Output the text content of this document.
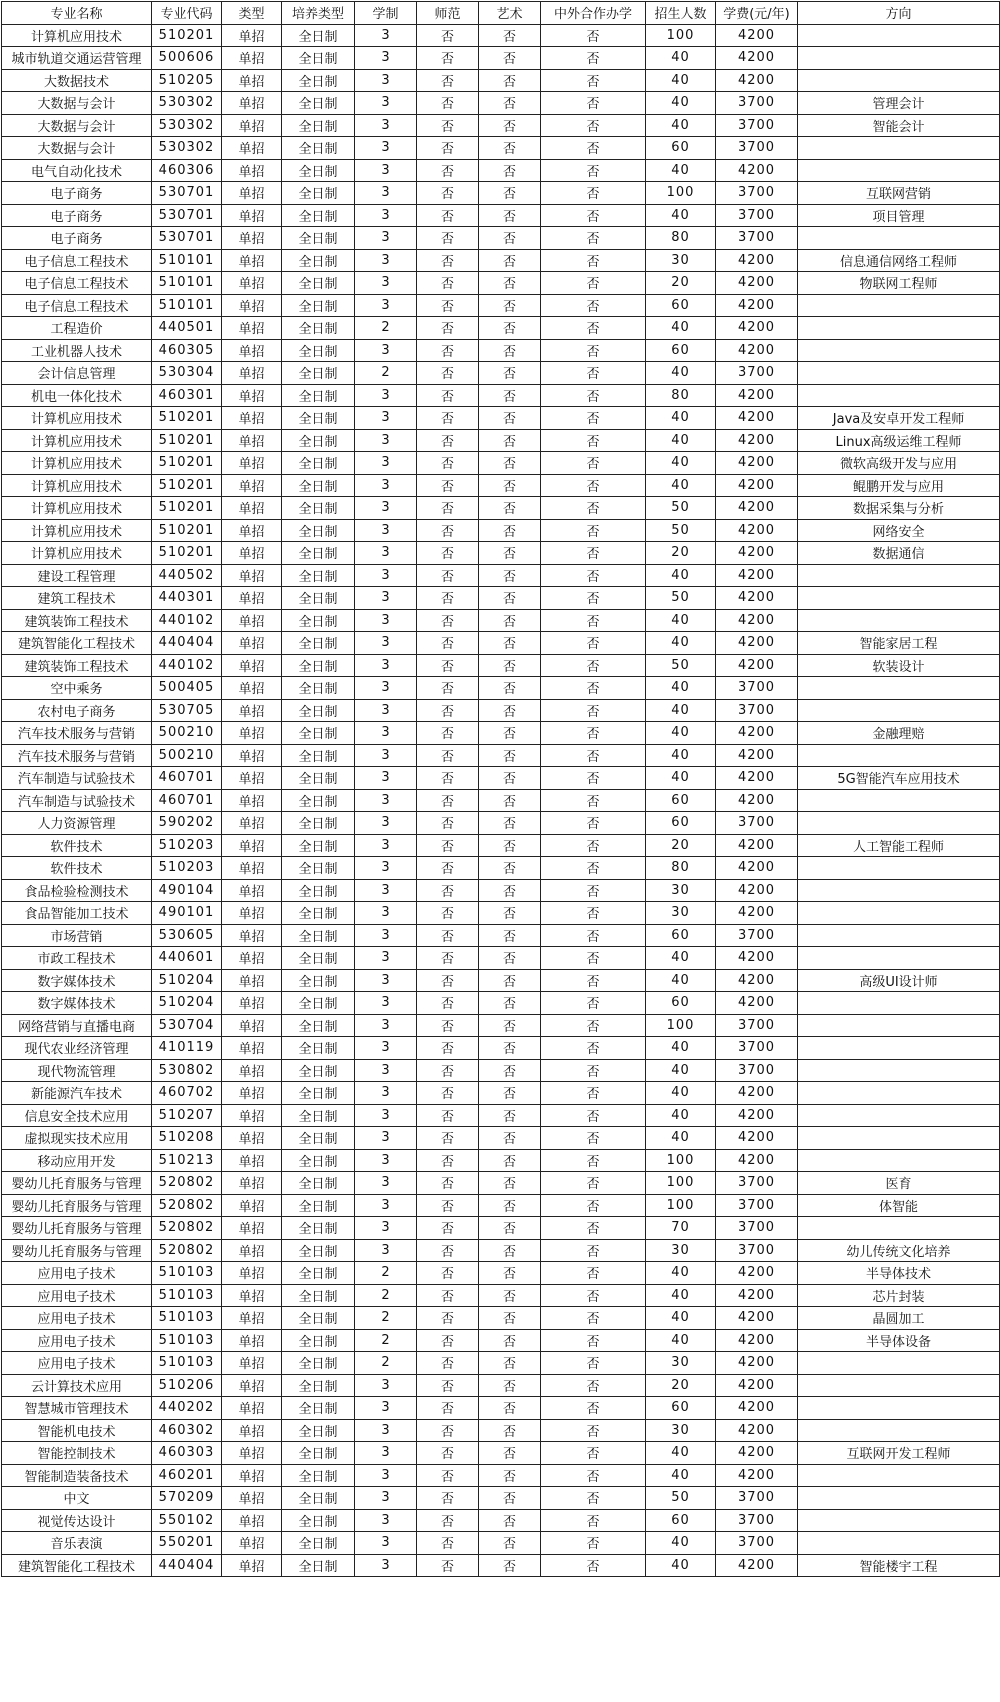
专业名称	专业代码	类型	培养类型	学制	师范	艺术	中外合作办学	招生人数	学费(元/年)	方向
计算机应用技术	510201	单招	全日制	3	否	否	否	100	4200	
城市轨道交通运营管理	500606	单招	全日制	3	否	否	否	40	4200	
大数据技术	510205	单招	全日制	3	否	否	否	40	4200	
大数据与会计	530302	单招	全日制	3	否	否	否	40	3700	管理会计
大数据与会计	530302	单招	全日制	3	否	否	否	40	3700	智能会计
大数据与会计	530302	单招	全日制	3	否	否	否	60	3700	
电气自动化技术	460306	单招	全日制	3	否	否	否	40	4200	
电子商务	530701	单招	全日制	3	否	否	否	100	3700	互联网营销
电子商务	530701	单招	全日制	3	否	否	否	40	3700	项目管理
电子商务	530701	单招	全日制	3	否	否	否	80	3700	
电子信息工程技术	510101	单招	全日制	3	否	否	否	30	4200	信息通信网络工程师
电子信息工程技术	510101	单招	全日制	3	否	否	否	20	4200	物联网工程师
电子信息工程技术	510101	单招	全日制	3	否	否	否	60	4200	
工程造价	440501	单招	全日制	2	否	否	否	40	4200	
工业机器人技术	460305	单招	全日制	3	否	否	否	60	4200	
会计信息管理	530304	单招	全日制	2	否	否	否	40	3700	
机电一体化技术	460301	单招	全日制	3	否	否	否	80	4200	
计算机应用技术	510201	单招	全日制	3	否	否	否	40	4200	Java及安卓开发工程师
计算机应用技术	510201	单招	全日制	3	否	否	否	40	4200	Linux高级运维工程师
计算机应用技术	510201	单招	全日制	3	否	否	否	40	4200	微软高级开发与应用
计算机应用技术	510201	单招	全日制	3	否	否	否	40	4200	鲲鹏开发与应用
计算机应用技术	510201	单招	全日制	3	否	否	否	50	4200	数据采集与分析
计算机应用技术	510201	单招	全日制	3	否	否	否	50	4200	网络安全
计算机应用技术	510201	单招	全日制	3	否	否	否	20	4200	数据通信
建设工程管理	440502	单招	全日制	3	否	否	否	40	4200	
建筑工程技术	440301	单招	全日制	3	否	否	否	50	4200	
建筑装饰工程技术	440102	单招	全日制	3	否	否	否	40	4200	
建筑智能化工程技术	440404	单招	全日制	3	否	否	否	40	4200	智能家居工程
建筑装饰工程技术	440102	单招	全日制	3	否	否	否	50	4200	软装设计
空中乘务	500405	单招	全日制	3	否	否	否	40	3700	
农村电子商务	530705	单招	全日制	3	否	否	否	40	3700	
汽车技术服务与营销	500210	单招	全日制	3	否	否	否	40	4200	金融理赔
汽车技术服务与营销	500210	单招	全日制	3	否	否	否	40	4200	
汽车制造与试验技术	460701	单招	全日制	3	否	否	否	40	4200	5G智能汽车应用技术
汽车制造与试验技术	460701	单招	全日制	3	否	否	否	60	4200	
人力资源管理	590202	单招	全日制	3	否	否	否	60	3700	
软件技术	510203	单招	全日制	3	否	否	否	20	4200	人工智能工程师
软件技术	510203	单招	全日制	3	否	否	否	80	4200	
食品检验检测技术	490104	单招	全日制	3	否	否	否	30	4200	
食品智能加工技术	490101	单招	全日制	3	否	否	否	30	4200	
市场营销	530605	单招	全日制	3	否	否	否	60	3700	
市政工程技术	440601	单招	全日制	3	否	否	否	40	4200	
数字媒体技术	510204	单招	全日制	3	否	否	否	40	4200	高级UI设计师
数字媒体技术	510204	单招	全日制	3	否	否	否	60	4200	
网络营销与直播电商	530704	单招	全日制	3	否	否	否	100	3700	
现代农业经济管理	410119	单招	全日制	3	否	否	否	40	3700	
现代物流管理	530802	单招	全日制	3	否	否	否	40	3700	
新能源汽车技术	460702	单招	全日制	3	否	否	否	40	4200	
信息安全技术应用	510207	单招	全日制	3	否	否	否	40	4200	
虚拟现实技术应用	510208	单招	全日制	3	否	否	否	40	4200	
移动应用开发	510213	单招	全日制	3	否	否	否	100	4200	
婴幼儿托育服务与管理	520802	单招	全日制	3	否	否	否	100	3700	医育
婴幼儿托育服务与管理	520802	单招	全日制	3	否	否	否	100	3700	体智能
婴幼儿托育服务与管理	520802	单招	全日制	3	否	否	否	70	3700	
婴幼儿托育服务与管理	520802	单招	全日制	3	否	否	否	30	3700	幼儿传统文化培养
应用电子技术	510103	单招	全日制	2	否	否	否	40	4200	半导体技术
应用电子技术	510103	单招	全日制	2	否	否	否	40	4200	芯片封装
应用电子技术	510103	单招	全日制	2	否	否	否	40	4200	晶圆加工
应用电子技术	510103	单招	全日制	2	否	否	否	40	4200	半导体设备
应用电子技术	510103	单招	全日制	2	否	否	否	30	4200	
云计算技术应用	510206	单招	全日制	3	否	否	否	20	4200	
智慧城市管理技术	440202	单招	全日制	3	否	否	否	60	4200	
智能机电技术	460302	单招	全日制	3	否	否	否	30	4200	
智能控制技术	460303	单招	全日制	3	否	否	否	40	4200	互联网开发工程师
智能制造装备技术	460201	单招	全日制	3	否	否	否	40	4200	
中文	570209	单招	全日制	3	否	否	否	50	3700	
视觉传达设计	550102	单招	全日制	3	否	否	否	60	3700	
音乐表演	550201	单招	全日制	3	否	否	否	40	3700	
建筑智能化工程技术	440404	单招	全日制	3	否	否	否	40	4200	智能楼宇工程
